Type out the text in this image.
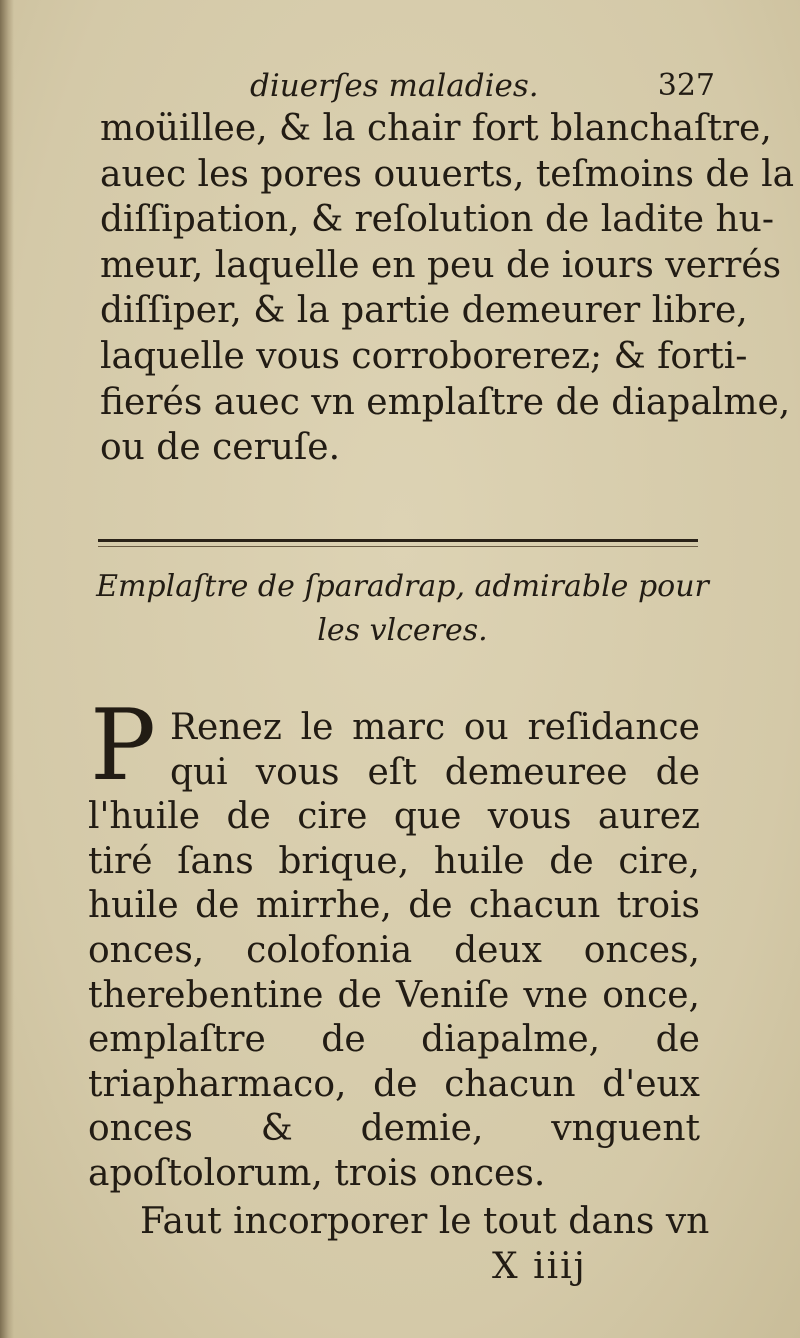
diuerſes maladies.	327
moüillee, & la chair fort blanchaſtre,
auec les pores ouuerts, teſmoins de la
diſſipation, & reſolution de ladite hu-
meur, laquelle en peu de iours verrés
diſſiper, & la partie demeurer libre,
laquelle vous corroborerez; & forti-
fierés auec vn emplaſtre de diapalme,
ou de ceruſe.
Emplaſtre de ſparadrap, admirable pour
les vlceres.
P Renez le marc ou reſidance qui vous eſt demeuree de l'huile de cire que vous aurez tiré ſans brique, huile de cire, huile de mirrhe, de chacun trois onces, colofonia deux onces, therebentine de Veniſe vne once, emplaſtre de diapalme, de triapharmaco, de chacun d'eux onces & demie, vnguent apoſtolorum, trois onces.
Faut incorporer le tout dans vn
X iiij
